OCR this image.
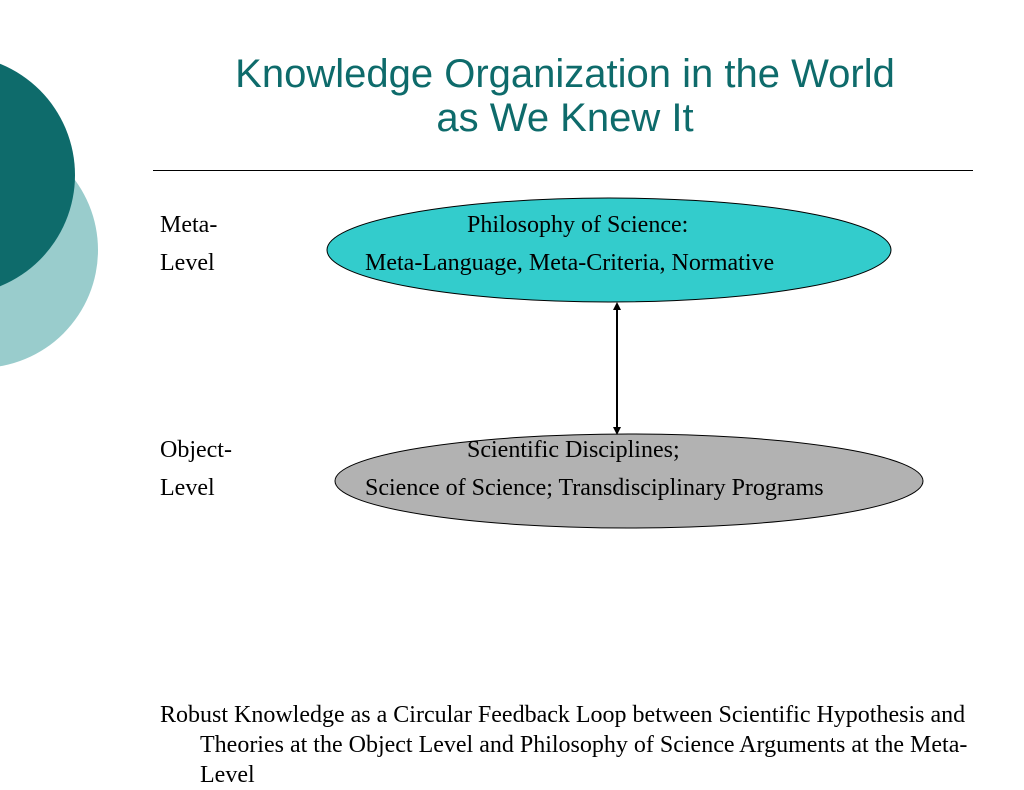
Knowledge Organization in the World
as We Knew It
Meta-
Level
Philosophy of Science:
Meta-Language, Meta-Criteria, Normative
Object-
Level
Scientific Disciplines;
Science of Science; Transdisciplinary Programs
Robust Knowledge as a Circular Feedback Loop between Scientific Hypothesis and Theories at the Object Level and Philosophy of Science Arguments at the Meta-Level
